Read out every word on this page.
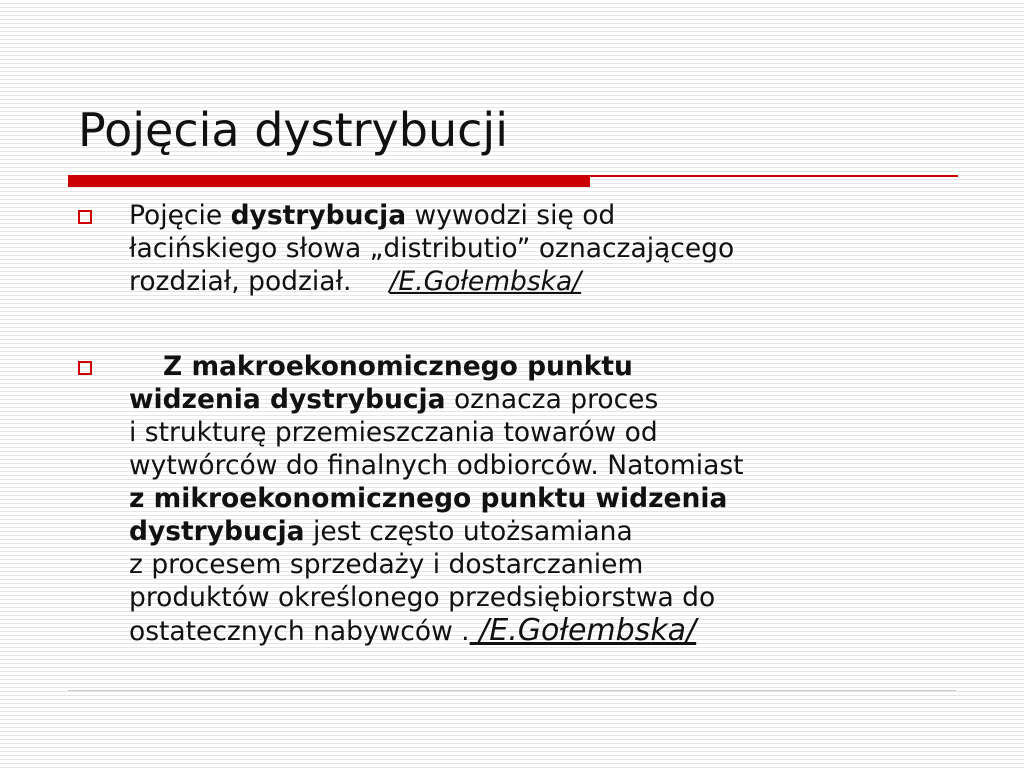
Pojęcia dystrybucji
Pojęcie dystrybucja wywodzi się od
łacińskiego słowa „distributio” oznaczającego
rozdział, podział. /E.Gołembska/
Z makroekonomicznego punktu
widzenia dystrybucja oznacza proces
i strukturę przemieszczania towarów od
wytwórców do finalnych odbiorców. Natomiast
z mikroekonomicznego punktu widzenia
dystrybucja jest często utożsamiana
z procesem sprzedaży i dostarczaniem
produktów określonego przedsiębiorstwa do
ostatecznych nabywców . /E.Gołembska/
